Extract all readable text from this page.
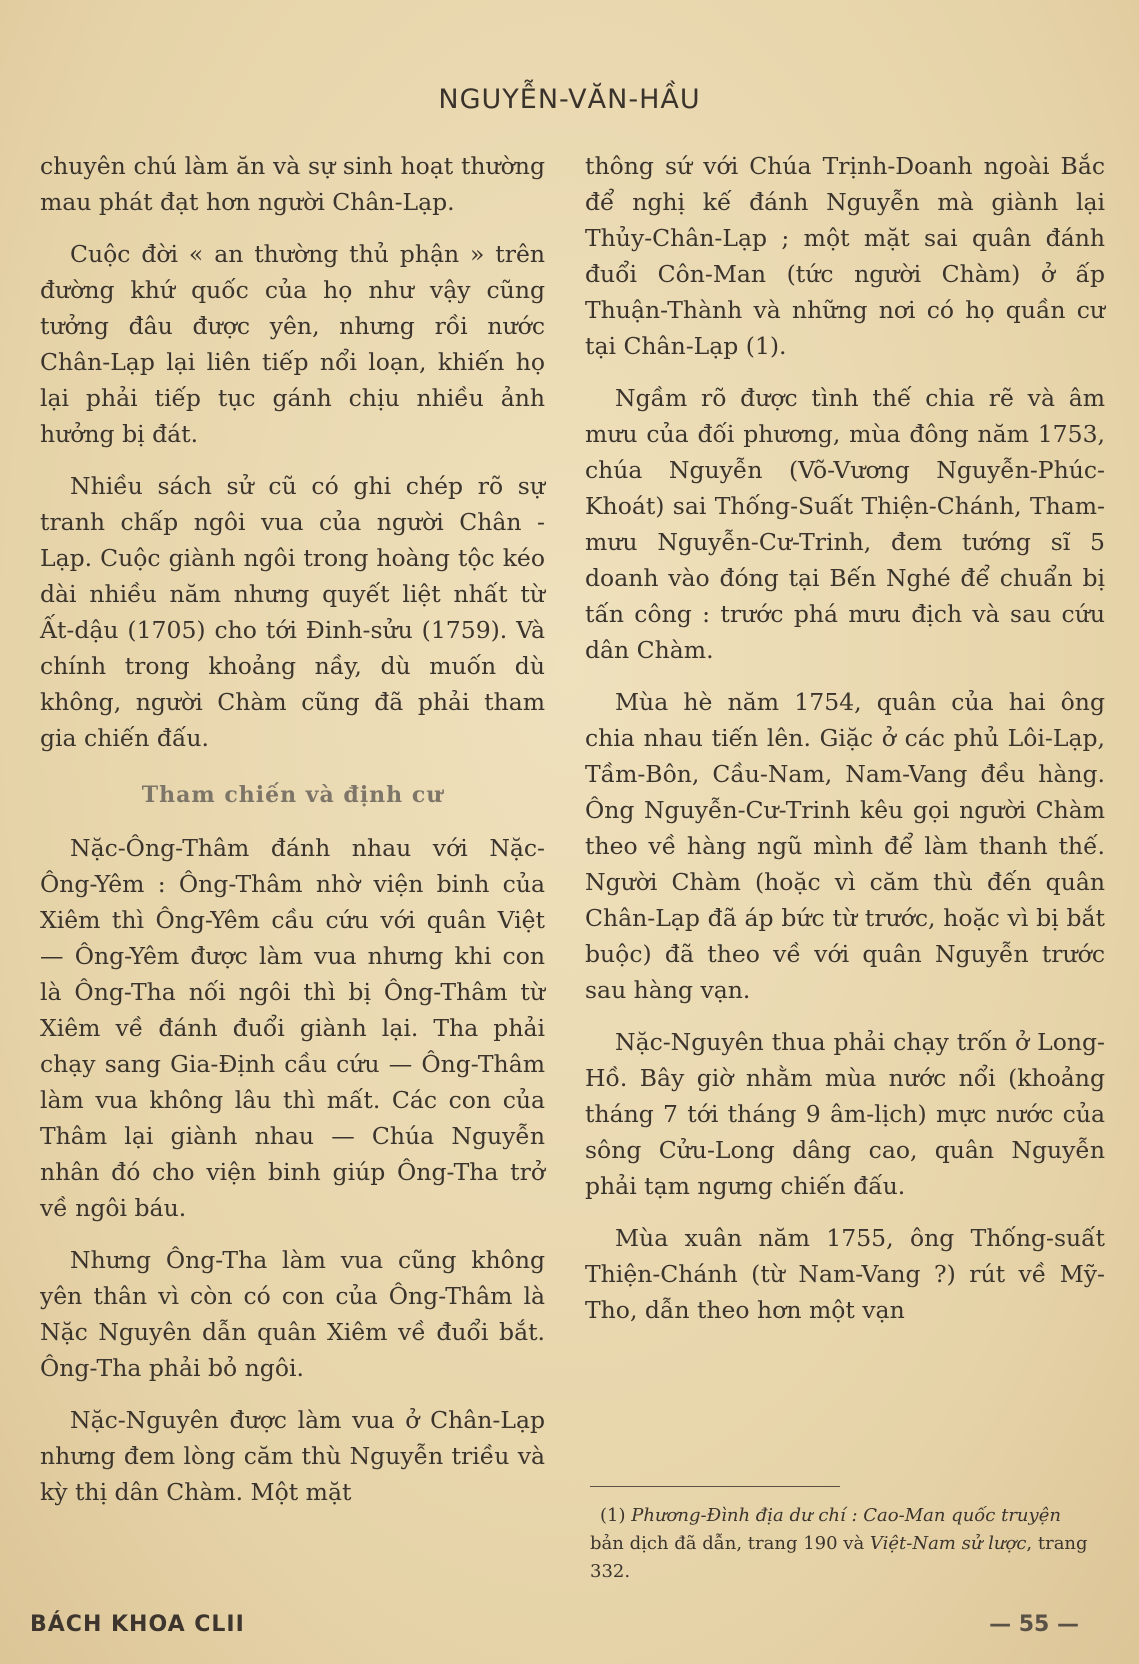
NGUYỄN-VĂN-HẦU

chuyên chú làm ăn và sự sinh hoạt thường mau phát đạt hơn người Chân-Lạp.

Cuộc đời « an thường thủ phận » trên đường khứ quốc của họ như vậy cũng tưởng đâu được yên, nhưng rồi nước Chân-Lạp lại liên tiếp nổi loạn, khiến họ lại phải tiếp tục gánh chịu nhiều ảnh hưởng bị đát.

Nhiều sách sử cũ có ghi chép rõ sự tranh chấp ngôi vua của người Chân - Lạp. Cuộc giành ngôi trong hoàng tộc kéo dài nhiều năm nhưng quyết liệt nhất từ Ất-dậu (1705) cho tới Đinh-sửu (1759). Và chính trong khoảng nầy, dù muốn dù không, người Chàm cũng đã phải tham gia chiến đấu.

Tham chiến và định cư

Nặc-Ông-Thâm đánh nhau với Nặc-Ông-Yêm : Ông-Thâm nhờ viện binh của Xiêm thì Ông-Yêm cầu cứu với quân Việt — Ông-Yêm được làm vua nhưng khi con là Ông-Tha nối ngôi thì bị Ông-Thâm từ Xiêm về đánh đuổi giành lại. Tha phải chạy sang Gia-Định cầu cứu — Ông-Thâm làm vua không lâu thì mất. Các con của Thâm lại giành nhau — Chúa Nguyễn nhân đó cho viện binh giúp Ông-Tha trở về ngôi báu.

Nhưng Ông-Tha làm vua cũng không yên thân vì còn có con của Ông-Thâm là Nặc Nguyên dẫn quân Xiêm về đuổi bắt. Ông-Tha phải bỏ ngôi.

Nặc-Nguyên được làm vua ở Chân-Lạp nhưng đem lòng căm thù Nguyễn triều và kỳ thị dân Chàm. Một mặt

thông sứ với Chúa Trịnh-Doanh ngoài Bắc để nghị kế đánh Nguyễn mà giành lại Thủy-Chân-Lạp ; một mặt sai quân đánh đuổi Côn-Man (tức người Chàm) ở ấp Thuận-Thành và những nơi có họ quần cư tại Chân-Lạp (1).

Ngầm rõ được tình thế chia rẽ và âm mưu của đối phương, mùa đông năm 1753, chúa Nguyễn (Võ-Vương Nguyễn-Phúc-Khoát) sai Thống-Suất Thiện-Chánh, Tham-mưu Nguyễn-Cư-Trinh, đem tướng sĩ 5 doanh vào đóng tại Bến Nghé để chuẩn bị tấn công : trước phá mưu địch và sau cứu dân Chàm.

Mùa hè năm 1754, quân của hai ông chia nhau tiến lên. Giặc ở các phủ Lôi-Lạp, Tầm-Bôn, Cầu-Nam, Nam-Vang đều hàng. Ông Nguyễn-Cư-Trinh kêu gọi người Chàm theo về hàng ngũ mình để làm thanh thế. Người Chàm (hoặc vì căm thù đến quân Chân-Lạp đã áp bức từ trước, hoặc vì bị bắt buộc) đã theo về với quân Nguyễn trước sau hàng vạn.

Nặc-Nguyên thua phải chạy trốn ở Long-Hồ. Bây giờ nhằm mùa nước nổi (khoảng tháng 7 tới tháng 9 âm-lịch) mực nước của sông Cửu-Long dâng cao, quân Nguyễn phải tạm ngưng chiến đấu.

Mùa xuân năm 1755, ông Thống-suất Thiện-Chánh (từ Nam-Vang ?) rút về Mỹ-Tho, dẫn theo hơn một vạn

(1) Phương-Đình địa dư chí : Cao-Man quốc truyện bản dịch đã dẫn, trang 190 và Việt-Nam sử lược, trang 332.
BÁCH KHOA CLII	— 55 —
